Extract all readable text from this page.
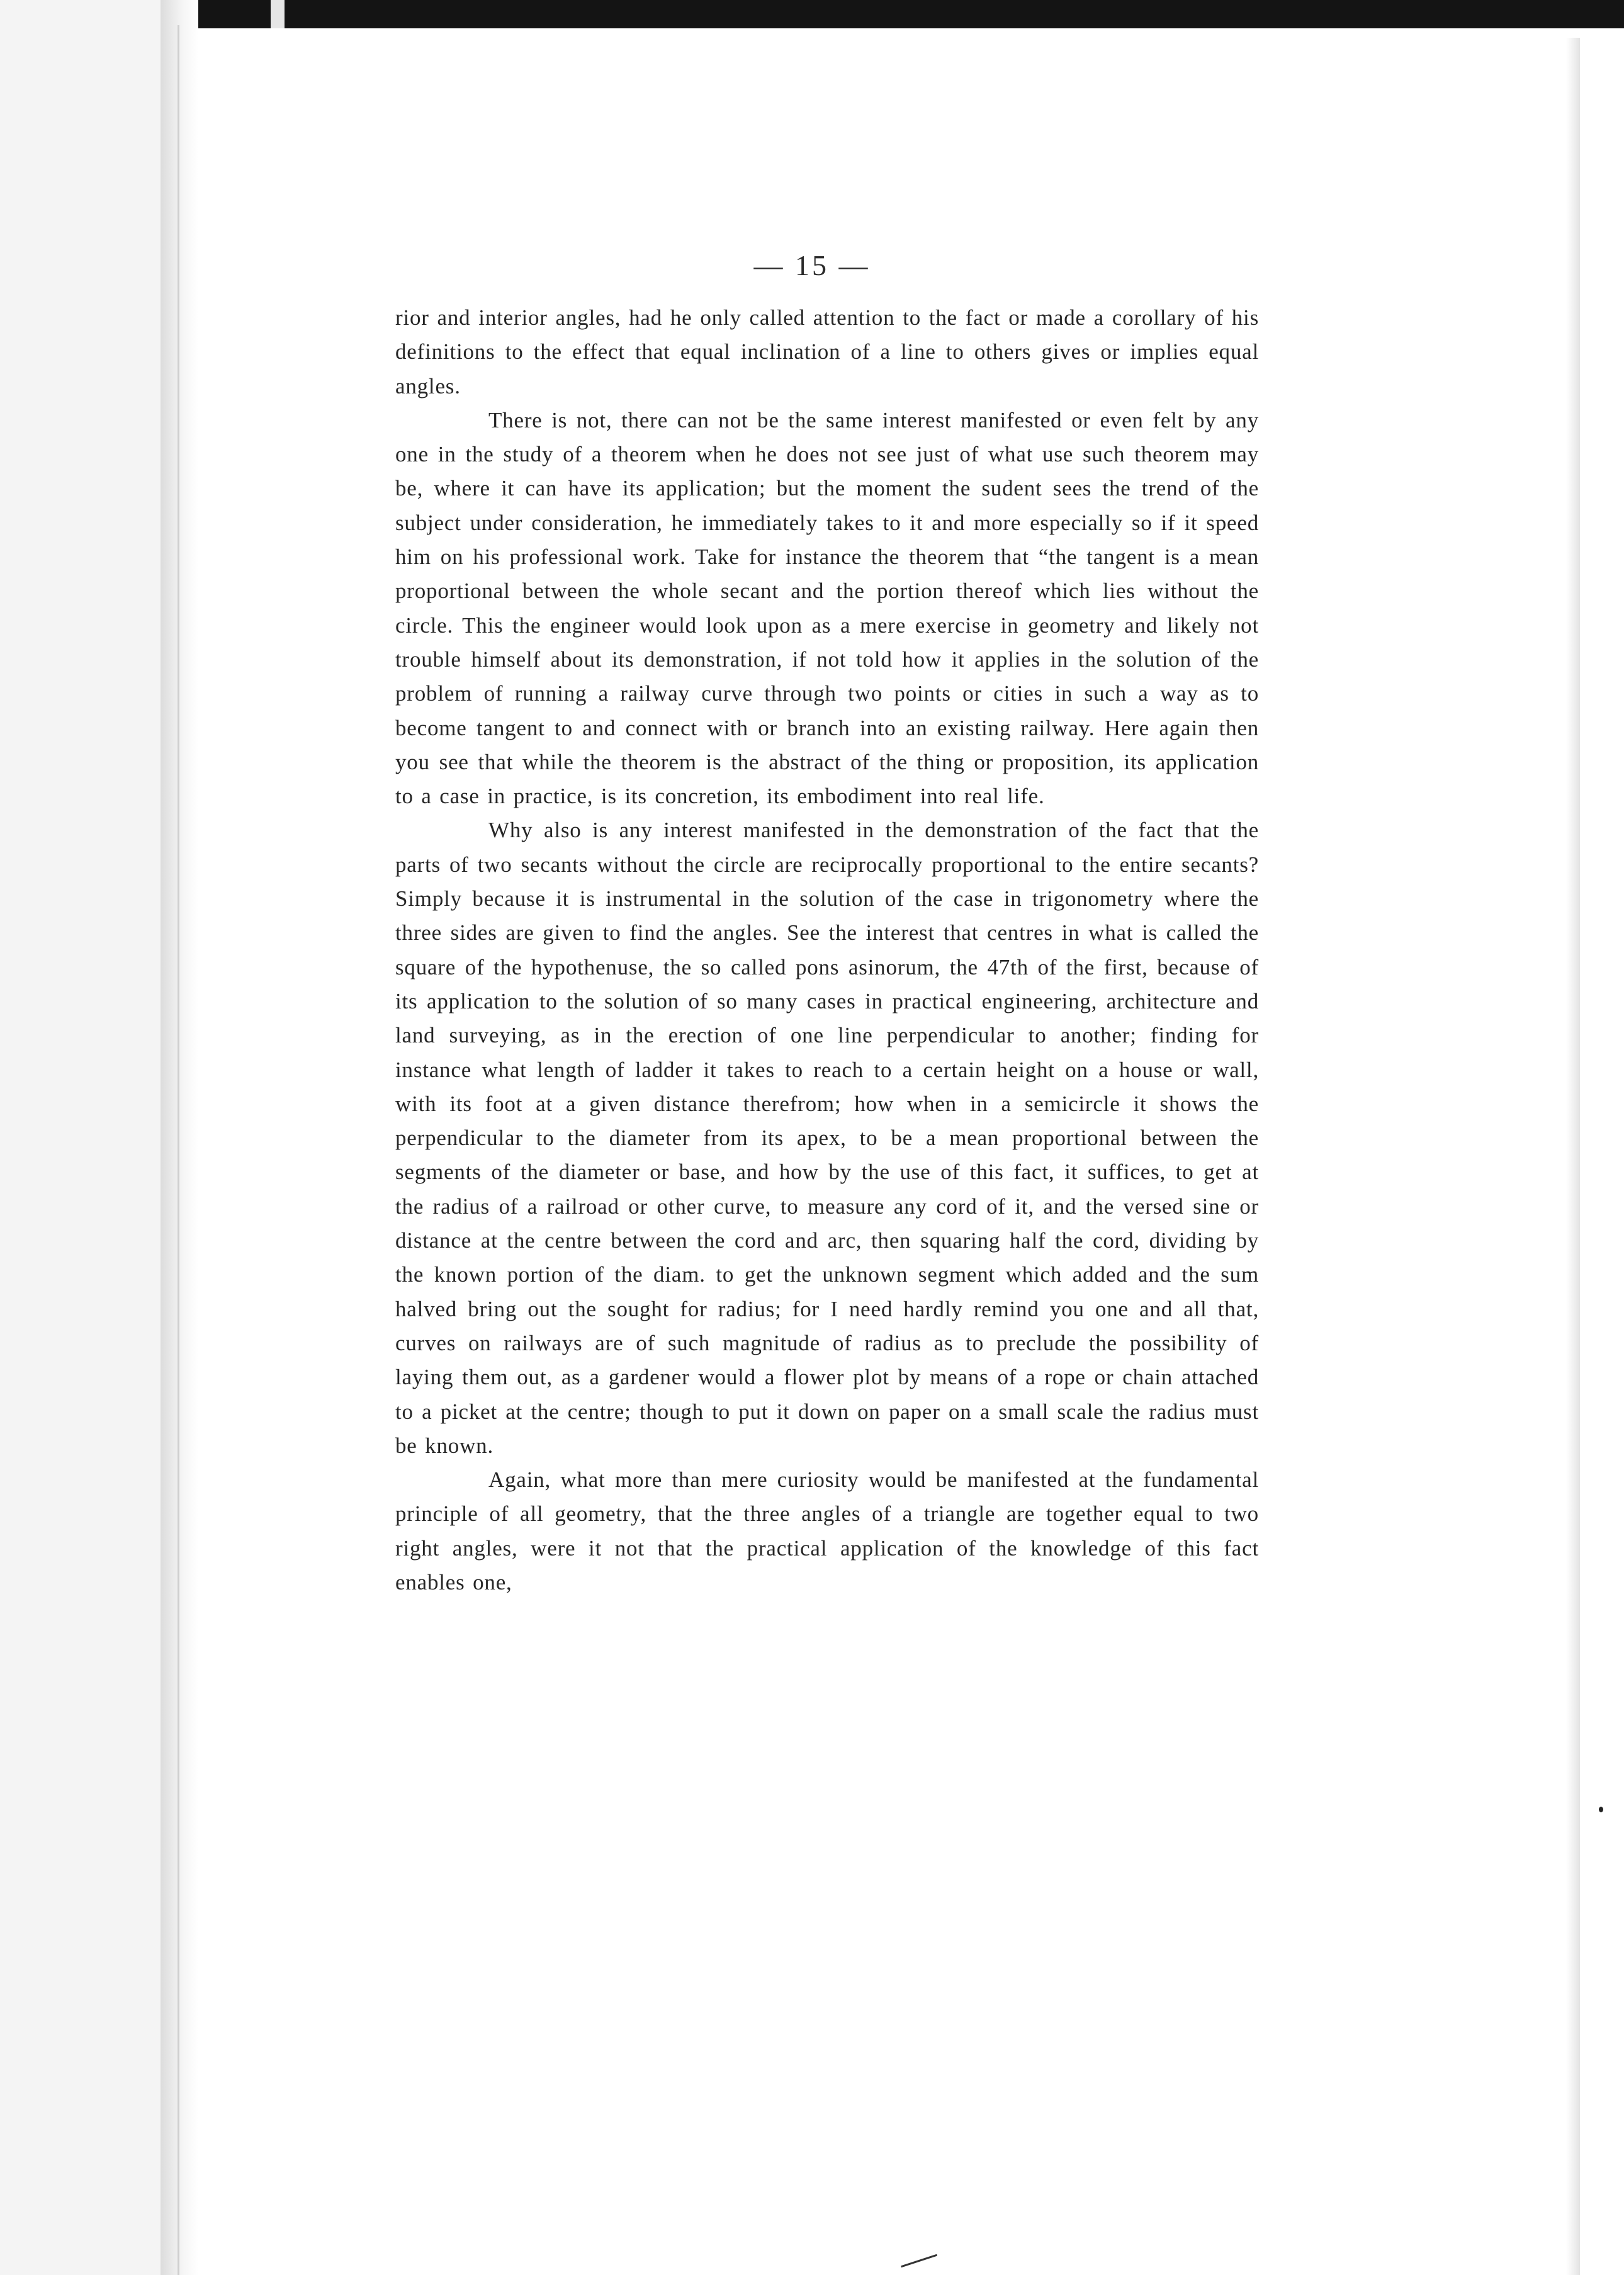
— 15 —

rior and interior angles, had he only called attention to the fact or made a corollary of his definitions to the effect that equal inclination of a line to others gives or implies equal angles.

There is not, there can not be the same interest manifested or even felt by any one in the study of a theorem when he does not see just of what use such theorem may be, where it can have its application; but the moment the sudent sees the trend of the subject under consideration, he immediately takes to it and more especially so if it speed him on his professional work. Take for instance the theorem that “the tangent is a mean proportional between the whole secant and the portion thereof which lies without the circle. This the engineer would look upon as a mere exercise in geometry and likely not trouble himself about its demonstration, if not told how it applies in the solution of the problem of running a railway curve through two points or cities in such a way as to become tangent to and connect with or branch into an existing railway. Here again then you see that while the theorem is the abstract of the thing or proposition, its application to a case in practice, is its concretion, its embodiment into real life.

Why also is any interest manifested in the demonstration of the fact that the parts of two secants without the circle are reciprocally proportional to the entire secants? Simply because it is instrumental in the solution of the case in trigonometry where the three sides are given to find the angles. See the interest that centres in what is called the square of the hypothenuse, the so called pons asinorum, the 47th of the first, because of its application to the solution of so many cases in practical engineering, architecture and land surveying, as in the erection of one line perpendicular to another; finding for instance what length of ladder it takes to reach to a certain height on a house or wall, with its foot at a given distance therefrom; how when in a semicircle it shows the perpendicular to the diameter from its apex, to be a mean proportional between the segments of the diameter or base, and how by the use of this fact, it suffices, to get at the radius of a railroad or other curve, to measure any cord of it, and the versed sine or distance at the centre between the cord and arc, then squaring half the cord, dividing by the known portion of the diam. to get the unknown segment which added and the sum halved bring out the sought for radius; for I need hardly remind you one and all that, curves on railways are of such magnitude of radius as to preclude the possibility of laying them out, as a gardener would a flower plot by means of a rope or chain attached to a picket at the centre; though to put it down on paper on a small scale the radius must be known.

Again, what more than mere curiosity would be manifested at the fundamental principle of all geometry, that the three angles of a triangle are together equal to two right angles, were it not that the practical application of the knowledge of this fact enables one,
